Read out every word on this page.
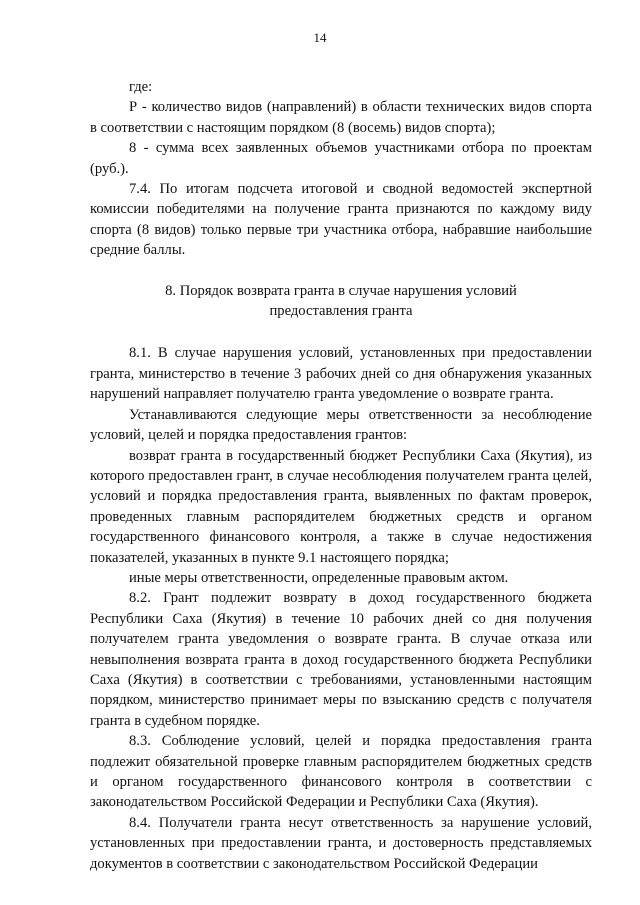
14

где:

Р - количество видов (направлений) в области технических видов спорта в соответствии с настоящим порядком (8 (восемь) видов спорта);

8 - сумма всех заявленных объемов участниками отбора по проектам (руб.).

7.4. По итогам подсчета итоговой и сводной ведомостей экспертной комиссии победителями на получение гранта признаются по каждому виду спорта (8 видов) только первые три участника отбора, набравшие наибольшие средние баллы.

8. Порядок возврата гранта в случае нарушения условий
предоставления гранта

8.1. В случае нарушения условий, установленных при предоставлении гранта, министерство в течение 3 рабочих дней со дня обнаружения указанных нарушений направляет получателю гранта уведомление о возврате гранта.

Устанавливаются следующие меры ответственности за несоблюдение условий, целей и порядка предоставления грантов:

возврат гранта в государственный бюджет Республики Саха (Якутия), из которого предоставлен грант, в случае несоблюдения получателем гранта целей, условий и порядка предоставления гранта, выявленных по фактам проверок, проведенных главным распорядителем бюджетных средств и органом государственного финансового контроля, а также в случае недостижения показателей, указанных в пункте 9.1 настоящего порядка;

иные меры ответственности, определенные правовым актом.

8.2. Грант подлежит возврату в доход государственного бюджета Республики Саха (Якутия) в течение 10 рабочих дней со дня получения получателем гранта уведомления о возврате гранта. В случае отказа или невыполнения возврата гранта в доход государственного бюджета Республики Саха (Якутия) в соответствии с требованиями, установленными настоящим порядком, министерство принимает меры по взысканию средств с получателя гранта в судебном порядке.

8.3. Соблюдение условий, целей и порядка предоставления гранта подлежит обязательной проверке главным распорядителем бюджетных средств и органом государственного финансового контроля в соответствии с законодательством Российской Федерации и Республики Саха (Якутия).

8.4. Получатели гранта несут ответственность за нарушение условий, установленных при предоставлении гранта, и достоверность представляемых документов в соответствии с законодательством Российской Федерации
